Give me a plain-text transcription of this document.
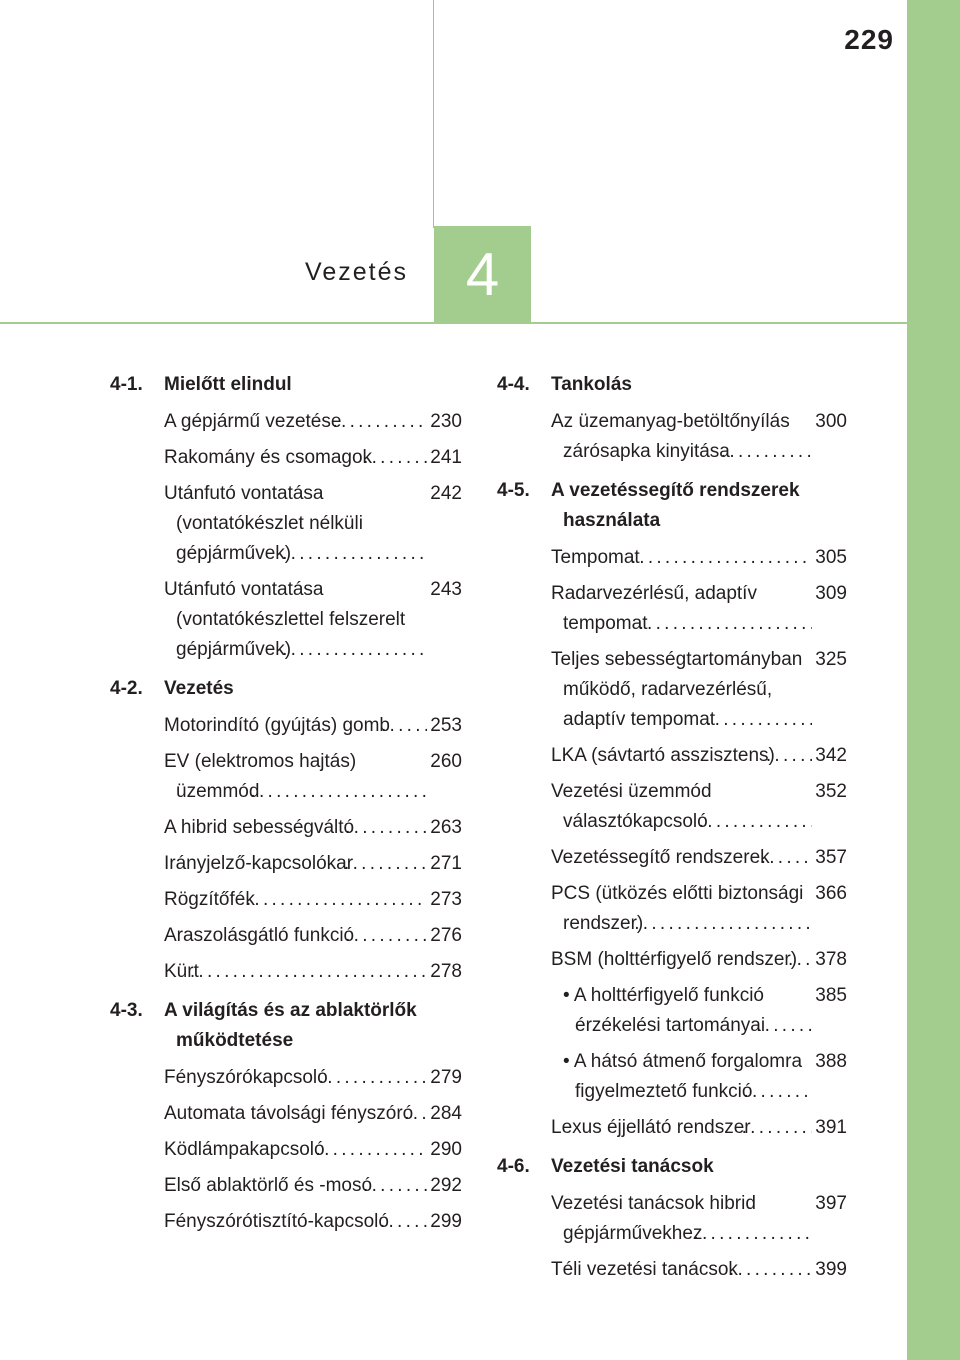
229
Vezetés 4
4-1.	Mielőtt elindul
A gépjármű vezetése . . .	230
Rakomány és csomagok . . .	241
Utánfutó vontatása (vontatókészlet nélküli gépjárművek) . . .
242
Utánfutó vontatása (vontatókészlettel felszerelt gépjárművek) . . .
243
4-2.	Vezetés
Motorindító (gyújtás) gomb . . .	253
EV (elektromos hajtás) üzemmód . . .
260
A hibrid sebességváltó . . .	263
Irányjelző-kapcsolókar . . .	271
Rögzítőfék . . .	273
Araszolásgátló funkció . . .	276
Kürt . . .	278
4-3.	A világítás és az ablaktörlők működtetése
Fényszórókapcsoló . . .	279
Automata távolsági fényszóró . . . 284
Ködlámpakapcsoló . . .	290
Első ablaktörlő és -mosó . . .	292
Fényszórótisztító-kapcsoló . . .	299
4-4.	Tankolás
Az üzemanyag-betöltőnyílás zárósapka kinyitása . . .
300
4-5.	A vezetéssegítő rendszerek használata
Tempomat . . .	305
Radarvezérlésű, adaptív tempomat . . .
309
Teljes sebességtartományban működő, radarvezérlésű, adaptív tempomat . . .
325
LKA (sávtartó asszisztens) . . .	342
Vezetési üzemmód választókapcsoló . . .
352
Vezetéssegítő rendszerek . . .	357
PCS (ütközés előtti biztonsági rendszer) . . .
366
BSM (holttérfigyelő rendszer) . . . 378
• A holttérfigyelő funkció érzékelési tartományai . . .
385
• A hátsó átmenő forgalomra figyelmeztető funkció . . .
388
Lexus éjjellátó rendszer . . .	391
4-6.	Vezetési tanácsok
Vezetési tanácsok hibrid gépjárművekhez . . .
397
Téli vezetési tanácsok . . .	399
